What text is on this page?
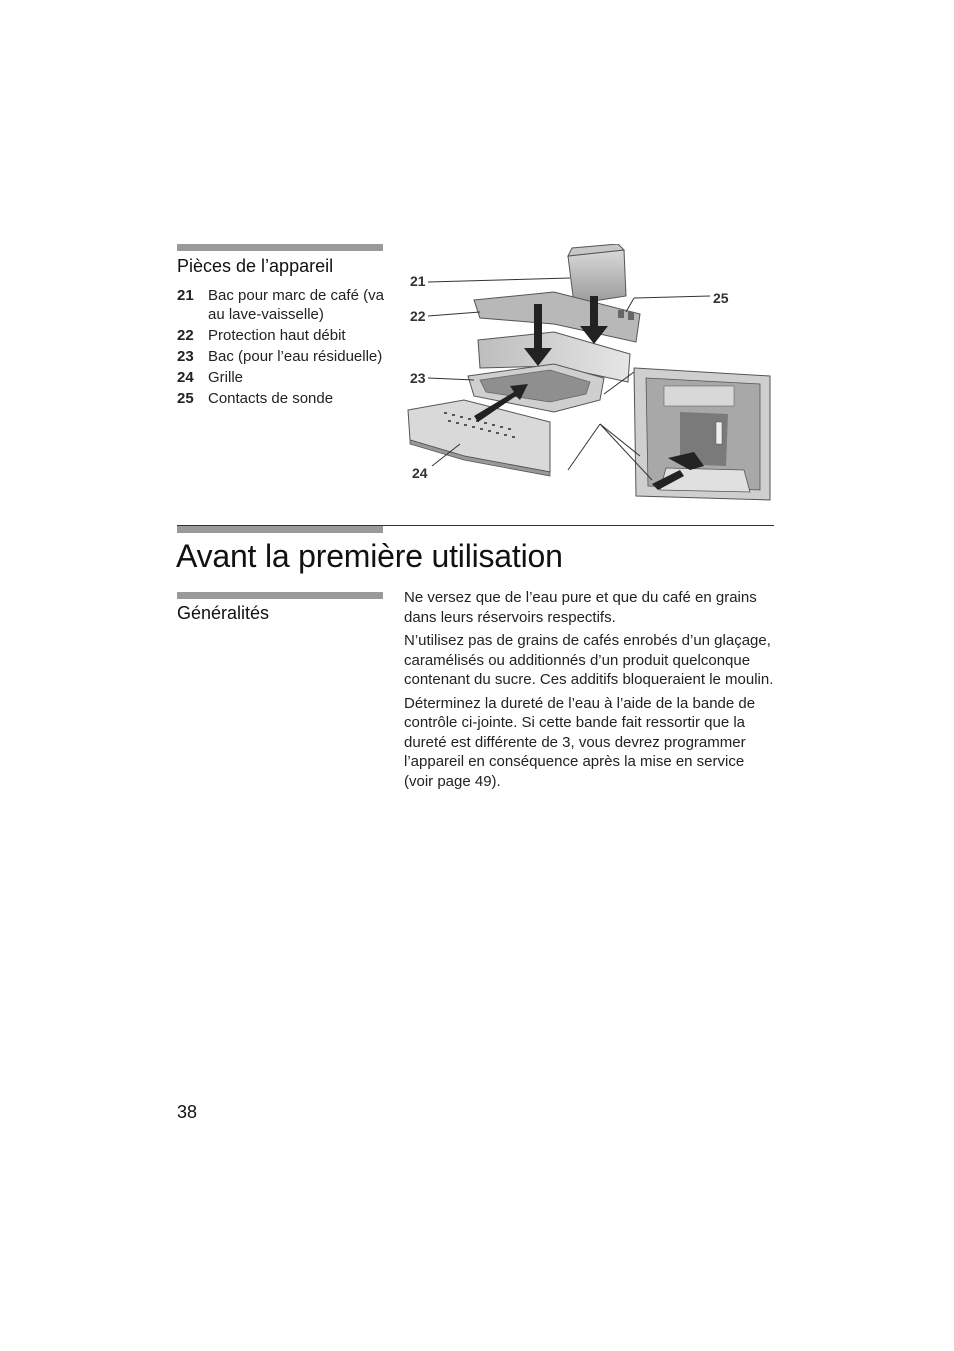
Pièces de l’appareil
21 Bac pour marc de café (va au lave-vaisselle)
22 Protection haut débit
23 Bac (pour l’eau résiduelle)
24 Grille
25 Contacts de sonde
21
22
23
24
25
Avant la première utilisation
Généralités

Ne versez que de l’eau pure et que du café en grains dans leurs réservoirs respectifs.

N’utilisez pas de grains de cafés enrobés d’un glaçage, caramélisés ou additionnés d’un produit quelconque contenant du sucre. Ces additifs bloqueraient le moulin.

Déterminez la dureté de l’eau à l’aide de la bande de contrôle ci-jointe. Si cette bande fait ressortir que la dureté est différente de 3, vous devrez programmer l’appareil en conséquence après la mise en service (voir page 49).

38
